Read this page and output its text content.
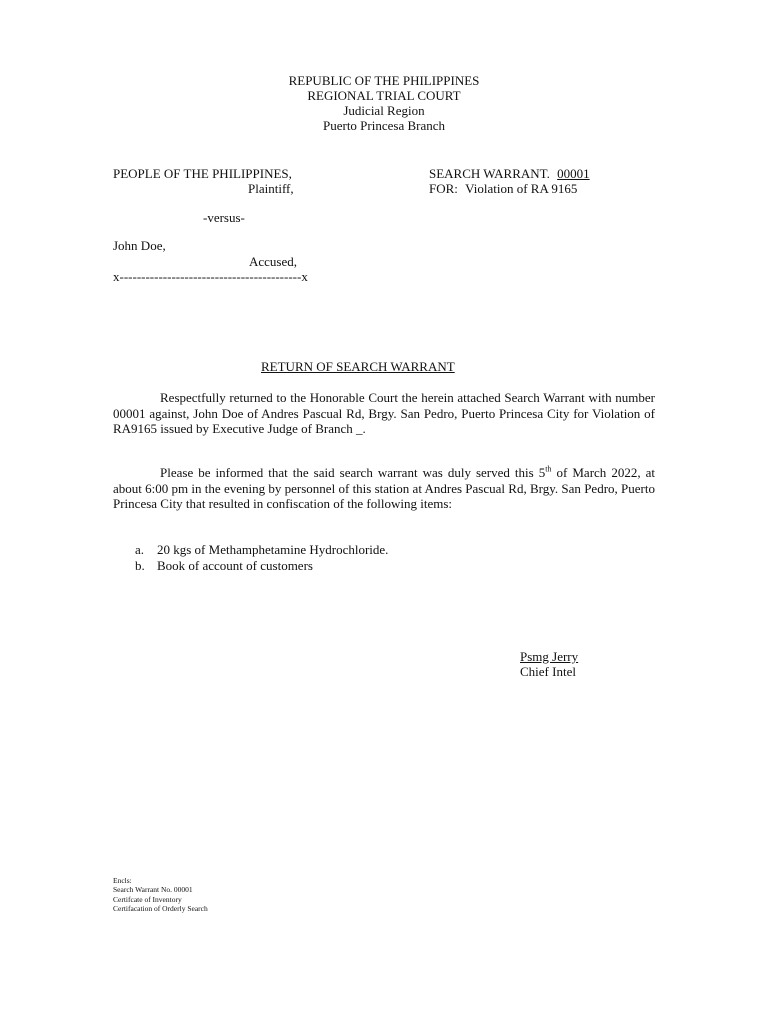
REPUBLIC OF THE PHILIPPINES
REGIONAL TRIAL COURT
Judicial Region
Puerto Princesa Branch
PEOPLE OF THE PHILIPPINES,
Plaintiff,
SEARCH WARRANT. 00001
FOR: Violation of RA 9165
-versus-
John Doe,
Accused,
x------------------------------------------x
RETURN OF SEARCH WARRANT
Respectfully returned to the Honorable Court the herein attached Search Warrant with number 00001 against, John Doe of Andres Pascual Rd, Brgy. San Pedro, Puerto Princesa City for Violation of RA9165 issued by Executive Judge of Branch _.
Please be informed that the said search warrant was duly served this 5th of March 2022, at about 6:00 pm in the evening by personnel of this station at Andres Pascual Rd, Brgy. San Pedro, Puerto Princesa City that resulted in confiscation of the following items:
a. 20 kgs of Methamphetamine Hydrochloride.
b. Book of account of customers
Psmg Jerry
Chief Intel
Encls:
Search Warrant No. 00001
Certifcate of Inventory
Certifacation of Orderly Search
